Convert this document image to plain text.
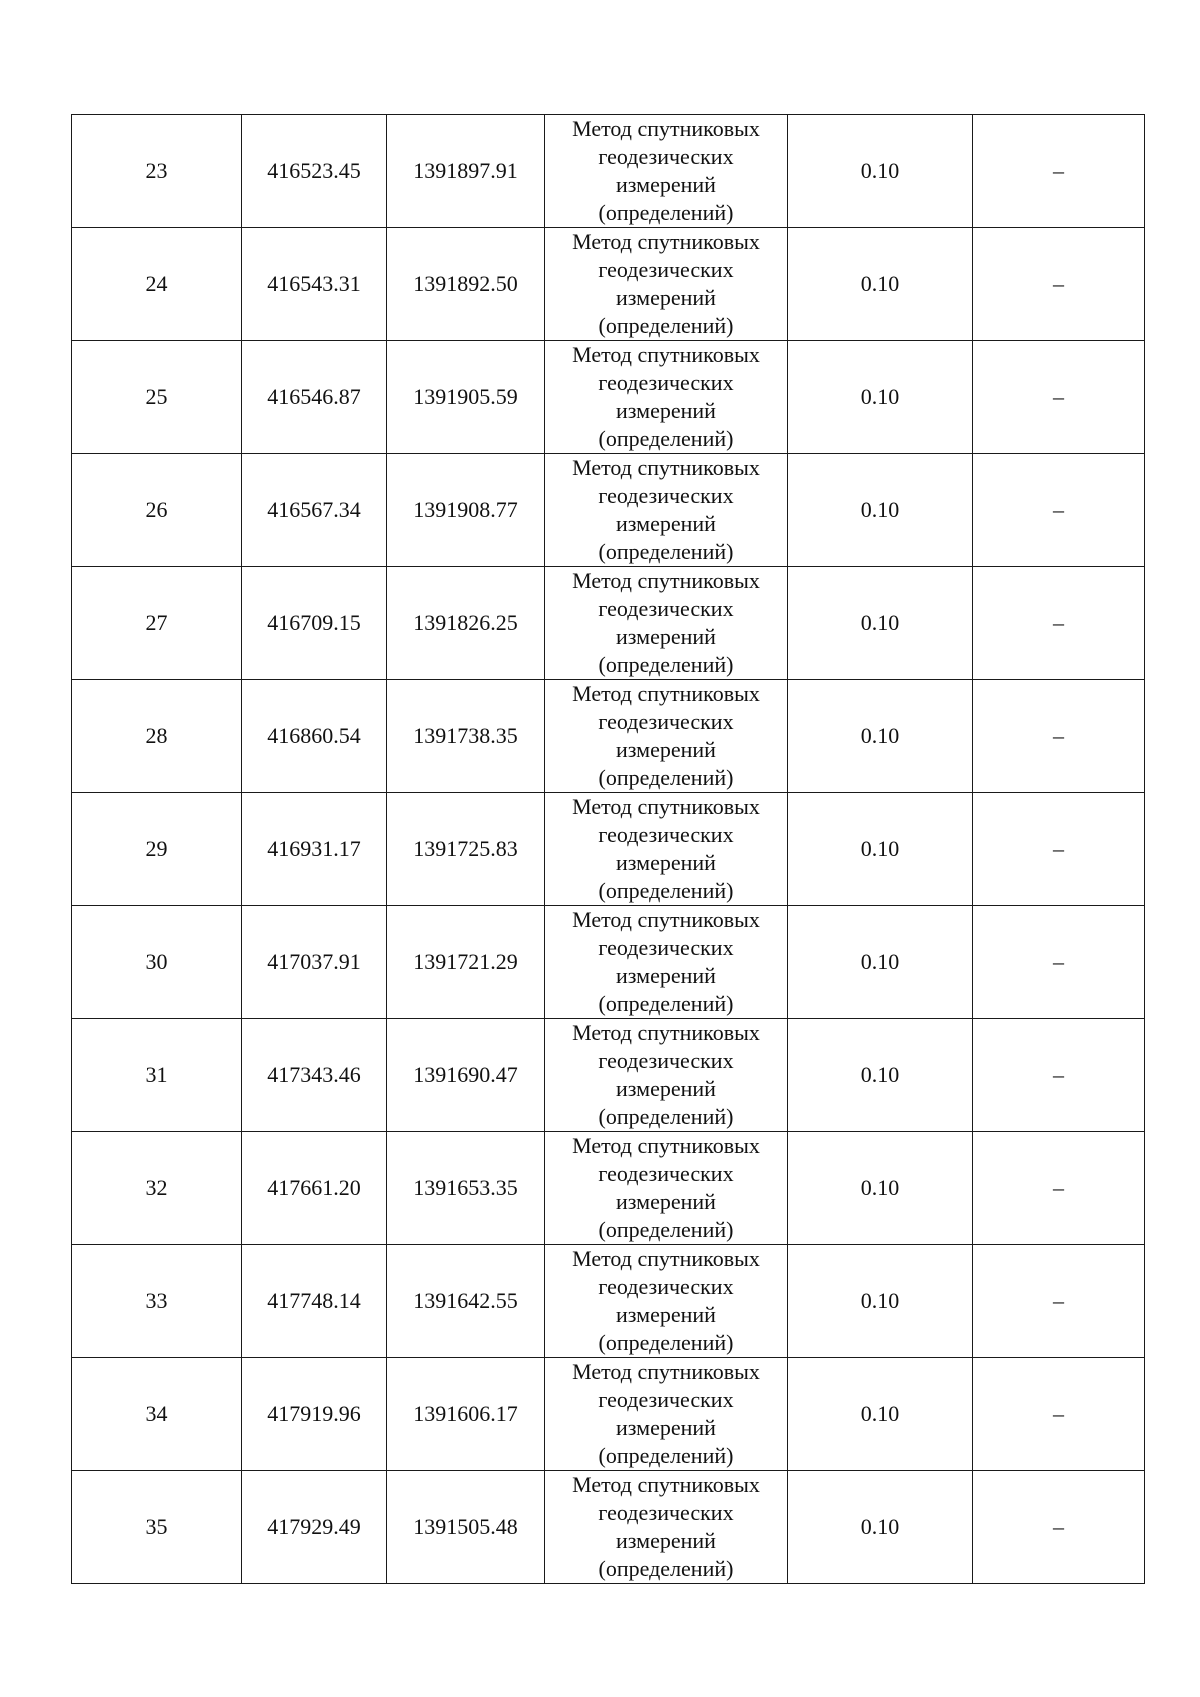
23	416523.45	1391897.91	Метод спутниковых
геодезических
измерений
(определений)	0.10	–
24	416543.31	1391892.50	Метод спутниковых
геодезических
измерений
(определений)	0.10	–
25	416546.87	1391905.59	Метод спутниковых
геодезических
измерений
(определений)	0.10	–
26	416567.34	1391908.77	Метод спутниковых
геодезических
измерений
(определений)	0.10	–
27	416709.15	1391826.25	Метод спутниковых
геодезических
измерений
(определений)	0.10	–
28	416860.54	1391738.35	Метод спутниковых
геодезических
измерений
(определений)	0.10	–
29	416931.17	1391725.83	Метод спутниковых
геодезических
измерений
(определений)	0.10	–
30	417037.91	1391721.29	Метод спутниковых
геодезических
измерений
(определений)	0.10	–
31	417343.46	1391690.47	Метод спутниковых
геодезических
измерений
(определений)	0.10	–
32	417661.20	1391653.35	Метод спутниковых
геодезических
измерений
(определений)	0.10	–
33	417748.14	1391642.55	Метод спутниковых
геодезических
измерений
(определений)	0.10	–
34	417919.96	1391606.17	Метод спутниковых
геодезических
измерений
(определений)	0.10	–
35	417929.49	1391505.48	Метод спутниковых
геодезических
измерений
(определений)	0.10	–
